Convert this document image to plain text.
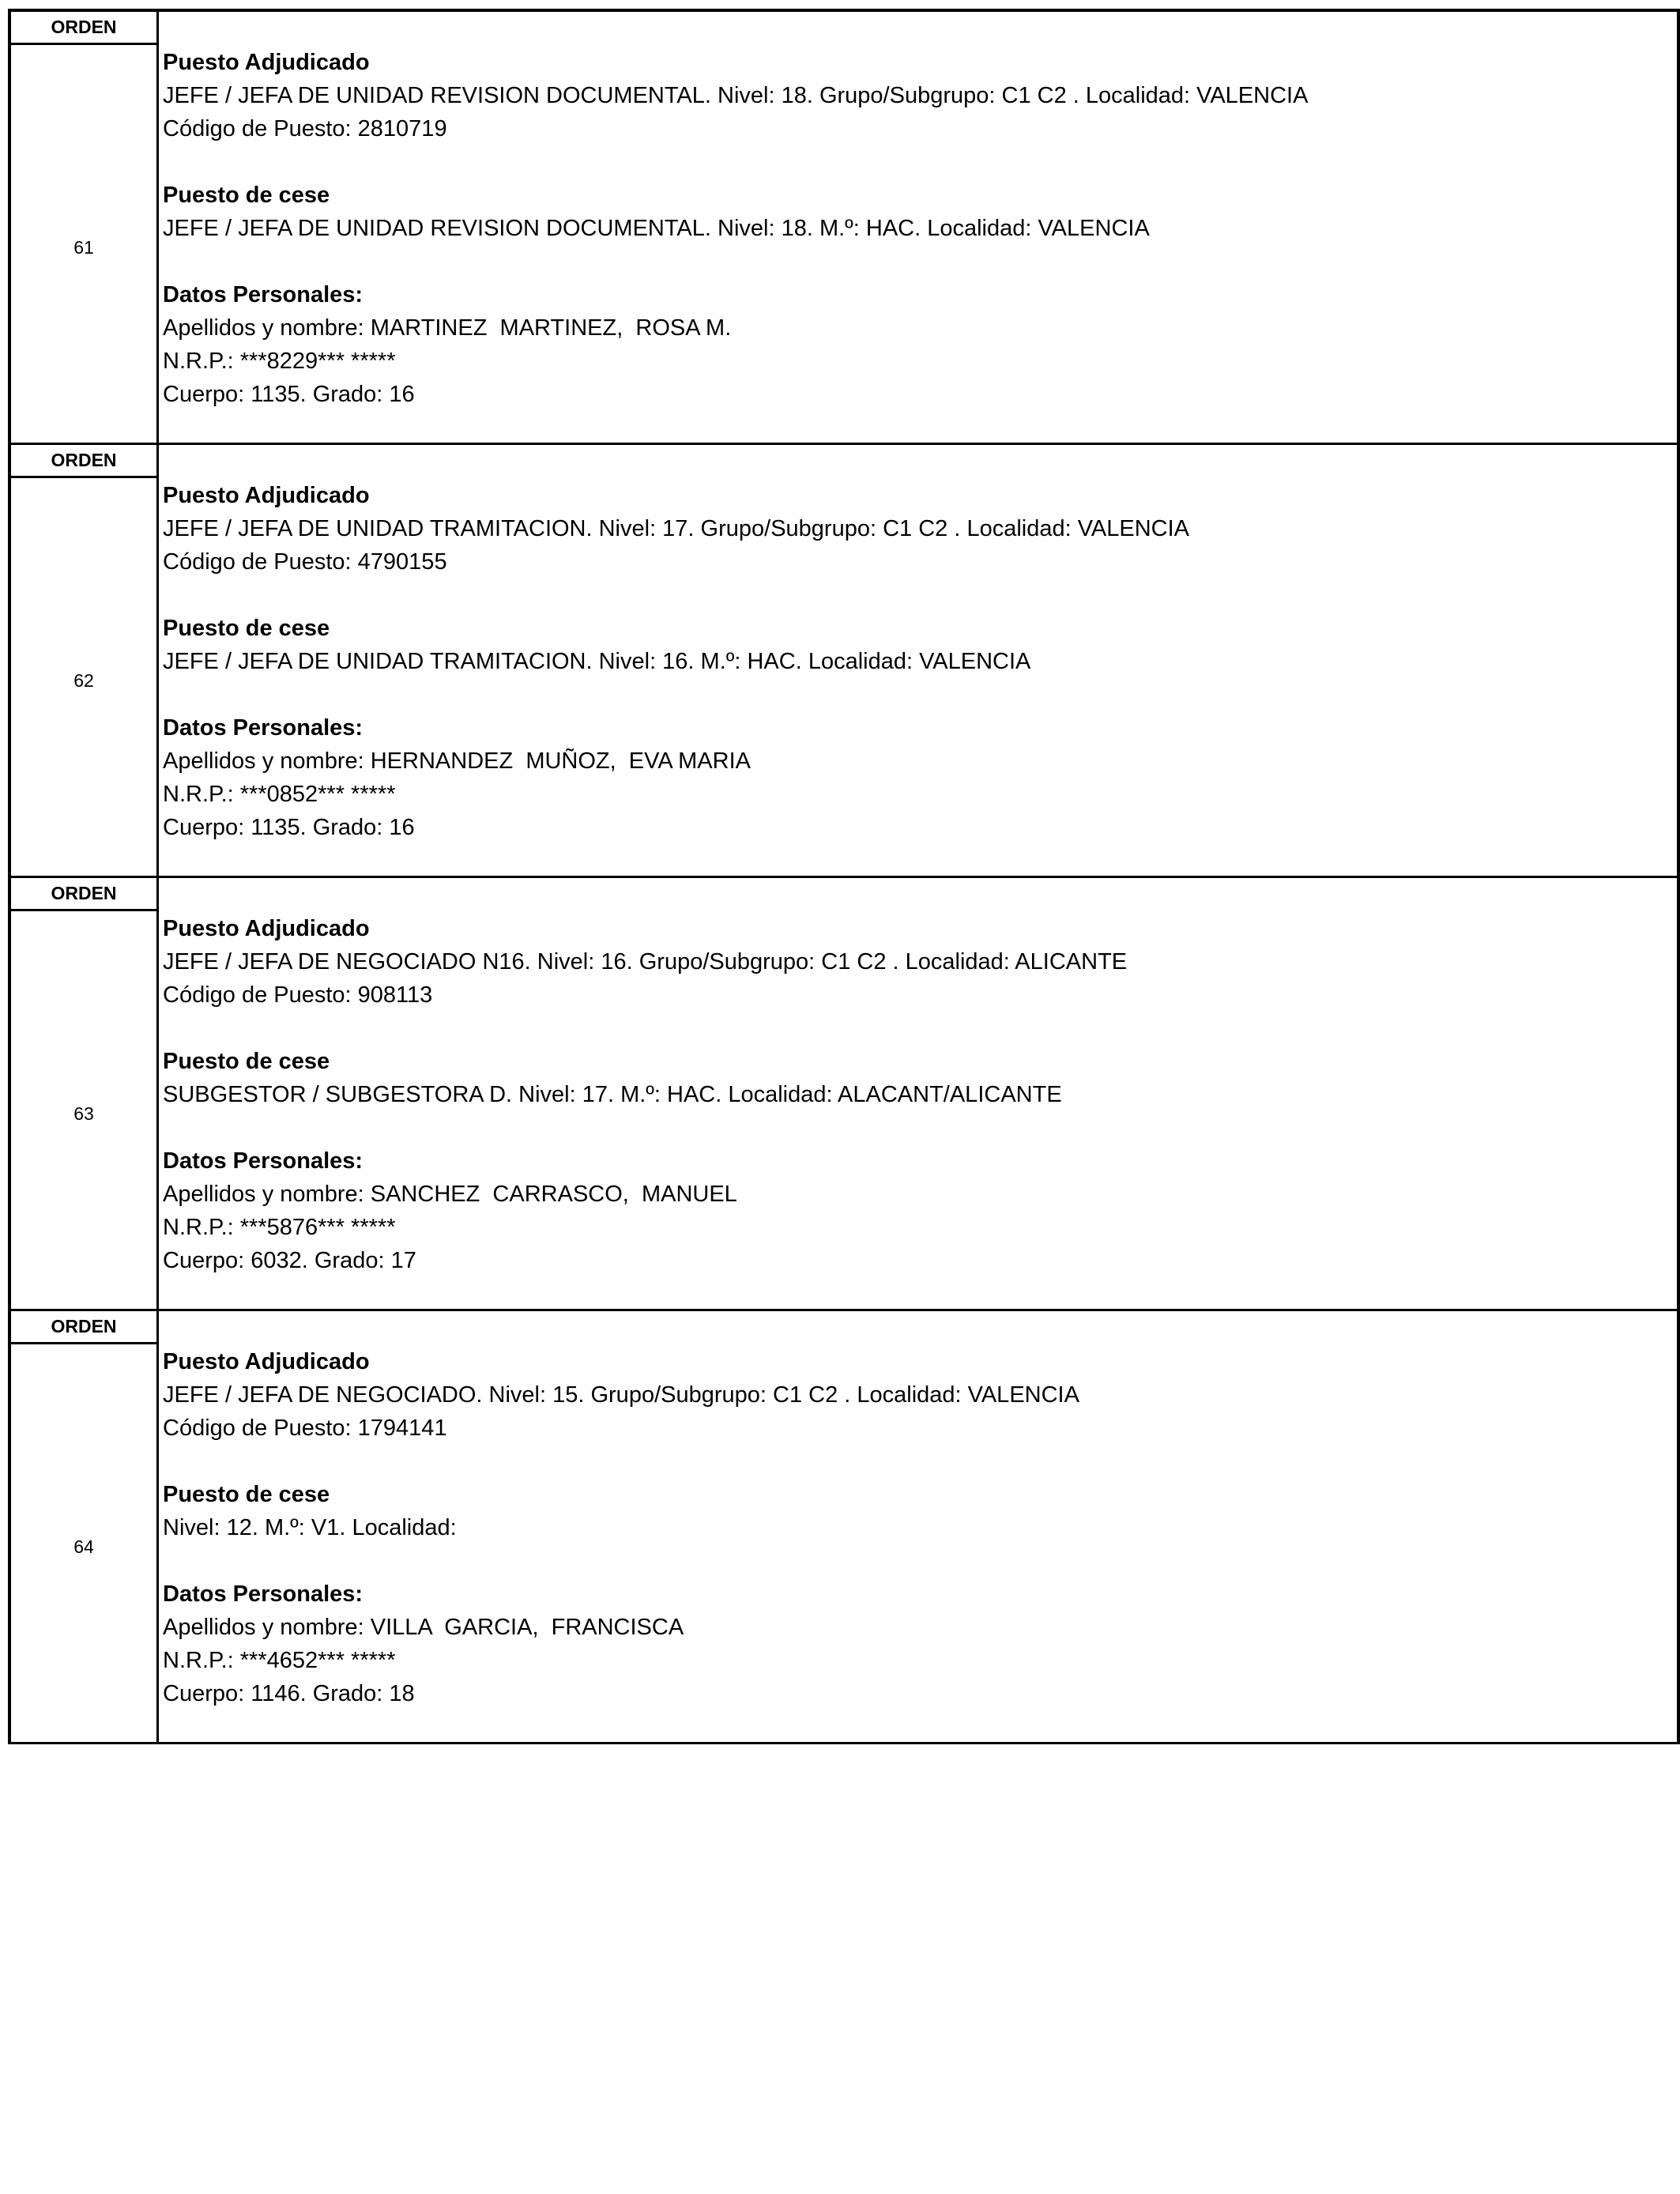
ORDEN
61
Puesto Adjudicado
JEFE / JEFA DE UNIDAD REVISION DOCUMENTAL. Nivel: 18. Grupo/Subgrupo: C1 C2 . Localidad: VALENCIA
Código de Puesto: 2810719
Puesto de cese
JEFE / JEFA DE UNIDAD REVISION DOCUMENTAL. Nivel: 18. M.º: HAC. Localidad: VALENCIA
Datos Personales:
Apellidos y nombre: MARTINEZ  MARTINEZ,  ROSA M.
N.R.P.: ***8229*** *****
Cuerpo: 1135. Grado: 16
ORDEN
62
Puesto Adjudicado
JEFE / JEFA DE UNIDAD TRAMITACION. Nivel: 17. Grupo/Subgrupo: C1 C2 . Localidad: VALENCIA
Código de Puesto: 4790155
Puesto de cese
JEFE / JEFA DE UNIDAD TRAMITACION. Nivel: 16. M.º: HAC. Localidad: VALENCIA
Datos Personales:
Apellidos y nombre: HERNANDEZ  MUÑOZ,  EVA MARIA
N.R.P.: ***0852*** *****
Cuerpo: 1135. Grado: 16
ORDEN
63
Puesto Adjudicado
JEFE / JEFA DE NEGOCIADO N16. Nivel: 16. Grupo/Subgrupo: C1 C2 . Localidad: ALICANTE
Código de Puesto: 908113
Puesto de cese
SUBGESTOR / SUBGESTORA D. Nivel: 17. M.º: HAC. Localidad: ALACANT/ALICANTE
Datos Personales:
Apellidos y nombre: SANCHEZ  CARRASCO,  MANUEL
N.R.P.: ***5876*** *****
Cuerpo: 6032. Grado: 17
ORDEN
64
Puesto Adjudicado
JEFE / JEFA DE NEGOCIADO. Nivel: 15. Grupo/Subgrupo: C1 C2 . Localidad: VALENCIA
Código de Puesto: 1794141
Puesto de cese
Nivel: 12. M.º: V1. Localidad:
Datos Personales:
Apellidos y nombre: VILLA  GARCIA,  FRANCISCA
N.R.P.: ***4652*** *****
Cuerpo: 1146. Grado: 18
